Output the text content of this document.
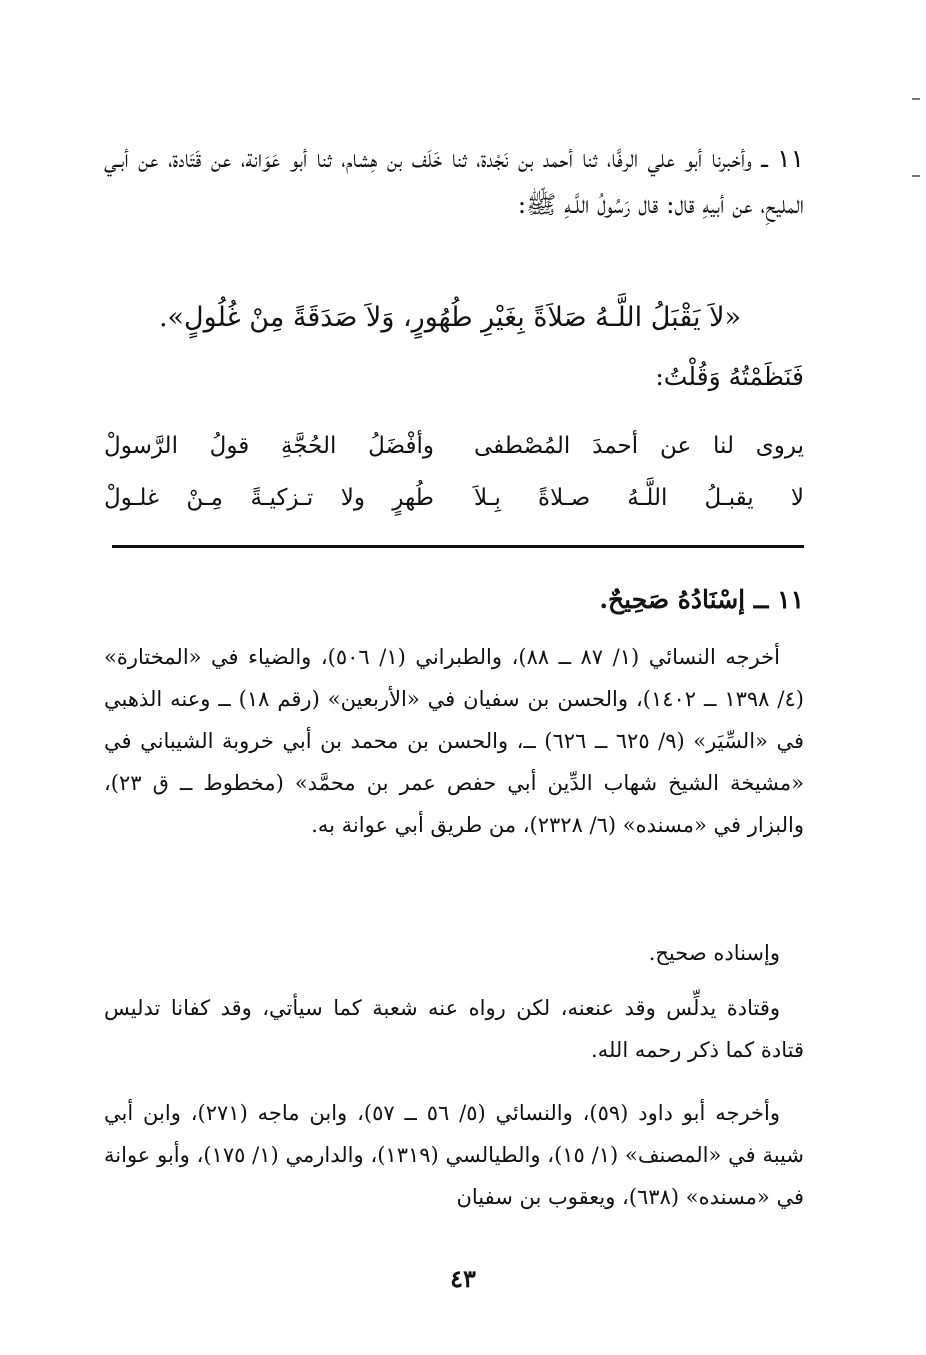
١١ ــ وأخبرنا أبو علي الرفَّا، ثنا أحمد بن نَجْدة، ثنا خَلَف بن هِشام، ثنا أبو عَوَانة، عن قَتَادة، عن أبـي المليحِ، عن أبيهِ قال: قال رَسُولُ اللَّـهِ ﷺ:
«لاَ يَقْبَلُ اللَّـهُ صَلاَةً بِغَيْرِ طُهُورٍ، وَلاَ صَدَقَةً مِنْ غُلُولٍ».
فَنَظَمْتُهُ وَقُلْتُ:
يروى لنا عن أحمدَ المُصْطفى
وأفْضَلُ الحُجَّةِ قولُ الرَّسولْ
لا يقبـلُ اللَّـهُ صـلاةً بِـلاَ
طُهرٍ ولا تـزكيـةً مِـنْ غلـولْ
١١ ــ إسْنَادُهُ صَحِيحٌ.
أخرجه النسائي (١/ ٨٧ ــ ٨٨)، والطبراني (١/ ٥٠٦)، والضياء في «المختارة» (٤/ ١٣٩٨ ــ ١٤٠٢)، والحسن بن سفيان في «الأربعين» (رقم ١٨) ــ وعنه الذهبي في «السِّيَر» (٩/ ٦٢٥ ــ ٦٢٦) ــ، والحسن بن محمد بن أبي خروبة الشيباني في «مشيخة الشيخ شهاب الدِّين أبي حفص عمر بن محمَّد» (مخطوط ــ ق ٢٣)، والبزار في «مسنده» (٦/ ٢٣٢٨)، من طريق أبي عوانة به.
وإسناده صحيح.
وقتادة يدلِّس وقد عنعنه، لكن رواه عنه شعبة كما سيأتي، وقد كفانا تدليس قتادة كما ذكر رحمه الله.
وأخرجه أبو داود (٥٩)، والنسائي (٥/ ٥٦ ــ ٥٧)، وابن ماجه (٢٧١)، وابن أبي شيبة في «المصنف» (١/ ١٥)، والطيالسي (١٣١٩)، والدارمي (١/ ١٧٥)، وأبو عوانة في «مسنده» (٦٣٨)، ويعقوب بن سفيان
٤٣
